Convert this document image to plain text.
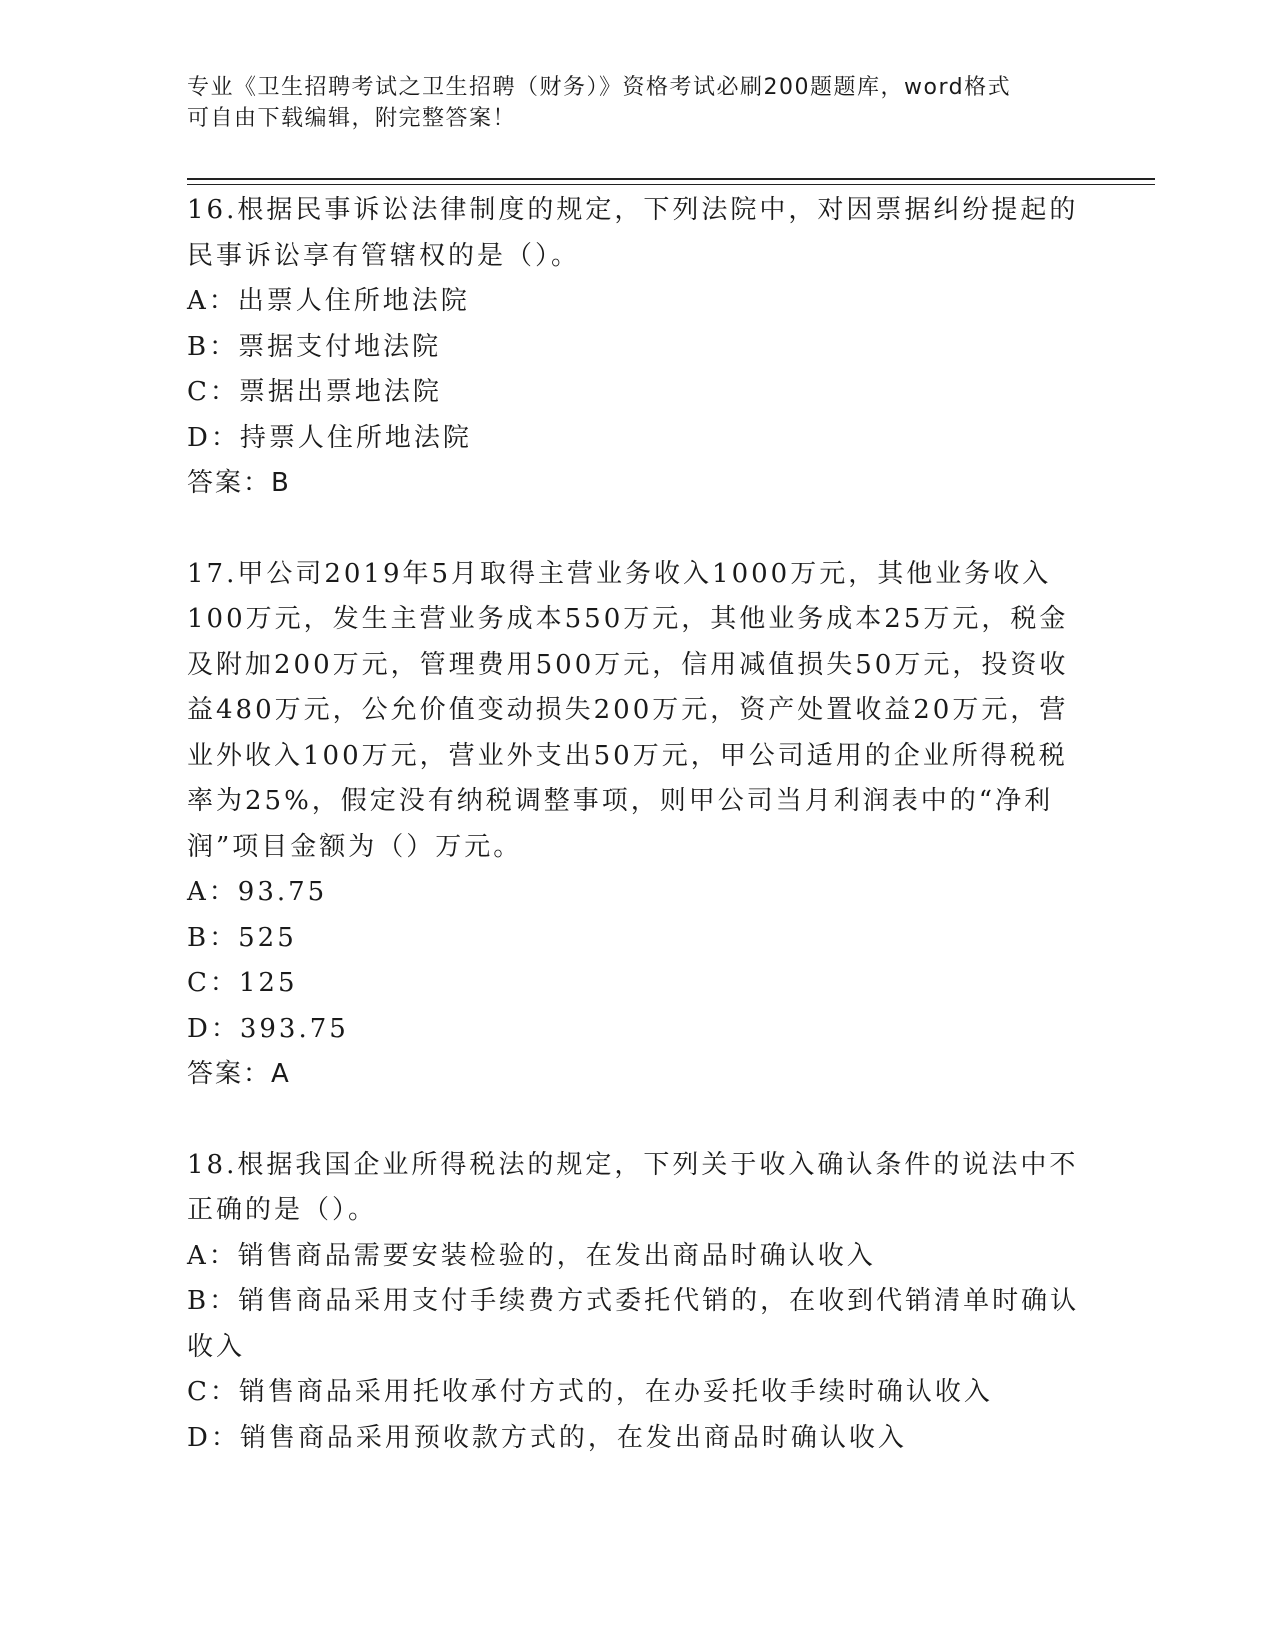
专业《卫生招聘考试之卫生招聘（财务）》资格考试必刷200题题库，word格式
可自由下载编辑，附完整答案！
16.根据民事诉讼法律制度的规定，下列法院中，对因票据纠纷提起的
民事诉讼享有管辖权的是（）。
A：出票人住所地法院
B：票据支付地法院
C：票据出票地法院
D：持票人住所地法院
答案：B
17.甲公司2019年5月取得主营业务收入1000万元，其他业务收入
100万元，发生主营业务成本550万元，其他业务成本25万元，税金
及附加200万元，管理费用500万元，信用减值损失50万元，投资收
益480万元，公允价值变动损失200万元，资产处置收益20万元，营
业外收入100万元，营业外支出50万元，甲公司适用的企业所得税税
率为25%，假定没有纳税调整事项，则甲公司当月利润表中的“净利
润”项目金额为（）万元。
A：93.75
B：525
C：125
D：393.75
答案：A
18.根据我国企业所得税法的规定，下列关于收入确认条件的说法中不
正确的是（）。
A：销售商品需要安装检验的，在发出商品时确认收入
B：销售商品采用支付手续费方式委托代销的，在收到代销清单时确认
收入
C：销售商品采用托收承付方式的，在办妥托收手续时确认收入
D：销售商品采用预收款方式的，在发出商品时确认收入
